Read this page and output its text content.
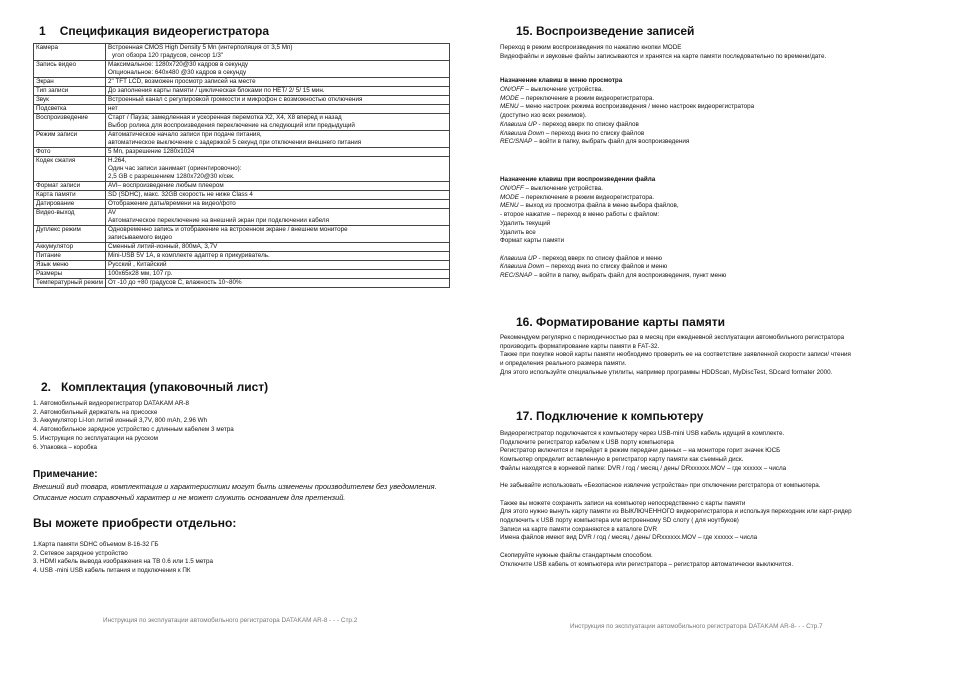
1 Спецификация видеорегистратора
Камера	Встроенная CMOS High Density 5 Mn (интерполяция от 3,5 Мп)
угол обзора 120 градусов, сенсор 1/3"

Запись видео	Максимальное: 1280x720@30 кадров в секунду
Опциональное: 640x480 @30 кадров в секунду

Экран	2" TFT LCD, возможен просмотр записей на месте

Тип записи	До заполнения карты памяти / циклическая блоками по НЕТ/ 2/ 5/ 15 мин.

Звук	Встроенный канал с регулировкой громкости и микрофон с возможностью отключения

Подсветка	нет

Воспроизведение	Старт / Пауза; замедленная и ускоренная перемотка X2, X4, X8 вперед и назад
Выбор ролика для воспроизведения переключение на следующий или предыдущий

Режим записи	Автоматическое начало записи при подаче питания,
автоматическое выключение с задержкой 5 секунд при отключении внешнего питания

Фото	5 Mn, разрешение 1280x1024

Кодек сжатия	H.264,
Один час записи занимает (ориентировочно):
2,5 GB с разрешением 1280x720@30 к/сек.

Формат записи	AVI– воспроизведение любым плеером

Карта памяти	SD (SDHC), макс. 32GB скорость не ниже Class 4

Датирование	Отображение даты/времени на видео/фото

Видео-выход	AV
Автоматическое переключение на внешний экран при подключении кабеля

Дуплекс режим	Одновременно запись и отображение на встроенном экране / внешнем мониторе
записываемого видео

Аккумулятор	Сменный литий-ионный, 800мА, 3,7V

Питание	Mini-USB 5V 1A, в комплекте адаптер в прикуриватель.

Язык меню	Русский , Китайский

Размеры	100x65x28 мм, 107 гр.

Температурный режим	От -10 до +80 градусов С, влажность 10~80%
2.   Комплектация (упаковочный лист)
1. Автомобильный видеорегистратор DATAKAM AR-8
2. Автомобильный держатель на присоске
3. Аккумулятор Li-Ion литий ионный 3,7V, 800 mAh, 2.96 Wh
4. Автомобильное зарядное устройство с длинным кабелем 3 метра
5. Инструкция по эксплуатации на русском
6. Упаковка – коробка
Примечание:
Внешний вид товара, комплектация и характеристики могут быть изменены производителем без уведомления. Описание носит справочный характер и не может служить основанием для претензий.
Вы можете приобрести отдельно:
1.Карта памяти SDHC объемом 8-16-32 ГБ
2. Сетевое зарядное устройство
3. HDMI кабель вывода изображения на ТВ 0.6 или 1.5 метра
4. USB -mini USB кабель питания и подключения к ПК
Инструкция по эксплуатации автомобильного регистратора DATAKAM AR-8 - - - Стр.2
15. Воспроизведение записей
Переход в режим воспроизведения по нажатию кнопки MODE
Видеофайлы и звуковые файлы записываются и хранятся на карте памяти последовательно по времени/дате.
Назначение клавиш в меню просмотра
ON/OFF – выключение устройства.
MODE – переключение в режим видеорегистратора.
MENU – меню настроек режима воспроизведения / меню настроек видеорегистратора
(доступно изо всех режимов).
Клавиша UP - переход вверх по списку файлов
Клавиша Down – переход вниз по списку файлов
REC/SNAP – войти в папку, выбрать файл для воспроизведения
Назначение клавиш при воспроизведении файла
ON/OFF – выключение устройства.
MODE – переключение в режим видеорегистратора.
MENU – выход из просмотра файла в меню выбора файлов,
- второе нажатие – переход в меню работы с файлом:
Удалить текущий
Удалить все
Формат карты памяти
Клавиша UP - переход вверх по списку файлов и меню
Клавиша Down – переход вниз по списку файлов и меню
REC/SNAP – войти в папку, выбрать файл для воспроизведения, пункт меню
16. Форматирование карты памяти
Рекомендуем регулярно с периодичностью раз в месяц при ежедневной эксплуатации автомобильного регистратора
производить форматирование карты памяти в FAT-32.
Также при покупке новой карты памяти необходимо проверить ее на соответствие заявленной скорости записи/ чтения
и определения реального размера памяти.
Для этого используйте специальные утилиты, например программы HDDScan, MyDiscTest, SDcard formater 2000.
17. Подключение к компьютеру
Видеорегистратор подключается к компьютеру через USB-mini USB кабель идущий в комплекте.
Подключите регистратор кабелем к USB порту компьютера
Регистратор включится и перейдет в режим передачи данных – на мониторе горит значек ЮСБ
Компьютер определит вставленную в регистратор карту памяти как съемный диск.
Файлы находятся в корневой папке: DVR / год / месяц / день/ DRxxxxxx.MOV – где xxxxxx – числа
Не забывайте использовать «Безопасное извлечие устройства» при отключении регстратора от компьютера.
Также вы можете сохранить записи на компьютер непосредственно с карты памяти
Для этого нужно вынуть карту памяти из ВЫКЛЮЧЕННОГО видеорегистратора и используя переходник или карт-ридер
подключить к USB порту компьютера или встроенному SD слоту ( для ноутбуков)
Записи на карте памяти сохраняются в каталоге DVR
Имена файлов имеют вид DVR / год / месяц / день/ DRxxxxxx.MOV – где xxxxxx – числа
Скопируйте нужные файлы стандартным способом.
Отключите USB кабель от компьютера или регистратора – регистратор автоматически выключится.
Инструкция по эксплуатации автомобильного регистратора DATAKAM AR-8- - - Стр.7
